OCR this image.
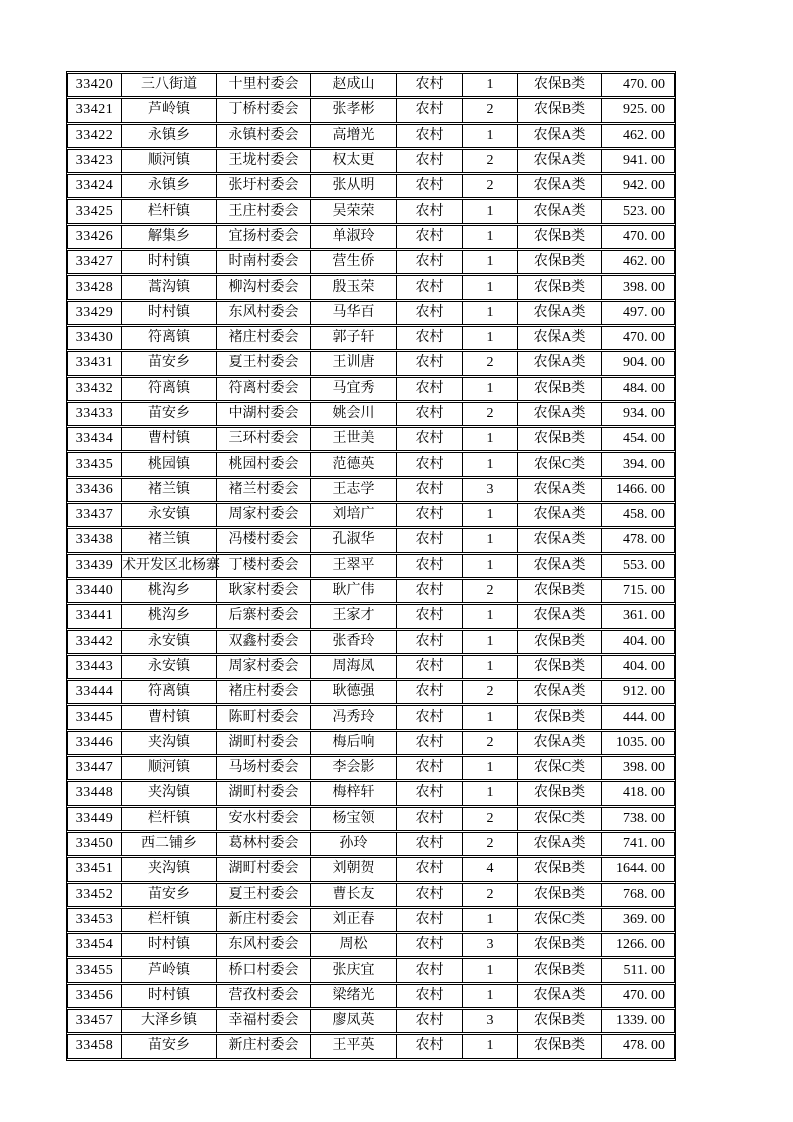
33420	三八街道	十里村委会	赵成山	农村	1	农保B类	470. 00
33421	芦岭镇	丁桥村委会	张孝彬	农村	2	农保B类	925. 00
33422	永镇乡	永镇村委会	高增光	农村	1	农保A类	462. 00
33423	顺河镇	王垅村委会	权太更	农村	2	农保A类	941. 00
33424	永镇乡	张圩村委会	张从明	农村	2	农保A类	942. 00
33425	栏杆镇	王庄村委会	吴荣荣	农村	1	农保A类	523. 00
33426	解集乡	宜扬村委会	单淑玲	农村	1	农保B类	470. 00
33427	时村镇	时南村委会	营生侨	农村	1	农保B类	462. 00
33428	蒿沟镇	柳沟村委会	殷玉荣	农村	1	农保B类	398. 00
33429	时村镇	东风村委会	马华百	农村	1	农保A类	497. 00
33430	符离镇	褚庄村委会	郭子轩	农村	1	农保A类	470. 00
33431	苗安乡	夏王村委会	王训唐	农村	2	农保A类	904. 00
33432	符离镇	符离村委会	马宜秀	农村	1	农保B类	484. 00
33433	苗安乡	中湖村委会	姚会川	农村	2	农保A类	934. 00
33434	曹村镇	三环村委会	王世美	农村	1	农保B类	454. 00
33435	桃园镇	桃园村委会	范德英	农村	1	农保C类	394. 00
33436	褚兰镇	褚兰村委会	王志学	农村	3	农保A类	1466. 00
33437	永安镇	周家村委会	刘培广	农村	1	农保A类	458. 00
33438	褚兰镇	冯楼村委会	孔淑华	农村	1	农保A类	478. 00
33439	术开发区北杨寨	丁楼村委会	王翠平	农村	1	农保A类	553. 00
33440	桃沟乡	耿家村委会	耿广伟	农村	2	农保B类	715. 00
33441	桃沟乡	后寨村委会	王家才	农村	1	农保A类	361. 00
33442	永安镇	双鑫村委会	张香玲	农村	1	农保B类	404. 00
33443	永安镇	周家村委会	周海凤	农村	1	农保B类	404. 00
33444	符离镇	褚庄村委会	耿德强	农村	2	农保A类	912. 00
33445	曹村镇	陈町村委会	冯秀玲	农村	1	农保B类	444. 00
33446	夹沟镇	湖町村委会	梅后响	农村	2	农保A类	1035. 00
33447	顺河镇	马场村委会	李会影	农村	1	农保C类	398. 00
33448	夹沟镇	湖町村委会	梅梓轩	农村	1	农保B类	418. 00
33449	栏杆镇	安水村委会	杨宝领	农村	2	农保C类	738. 00
33450	西二铺乡	葛林村委会	孙玲	农村	2	农保A类	741. 00
33451	夹沟镇	湖町村委会	刘朝贺	农村	4	农保B类	1644. 00
33452	苗安乡	夏王村委会	曹长友	农村	2	农保B类	768. 00
33453	栏杆镇	新庄村委会	刘正春	农村	1	农保C类	369. 00
33454	时村镇	东风村委会	周松	农村	3	农保B类	1266. 00
33455	芦岭镇	桥口村委会	张庆宜	农村	1	农保B类	511. 00
33456	时村镇	营孜村委会	梁绪光	农村	1	农保A类	470. 00
33457	大泽乡镇	幸福村委会	廖凤英	农村	3	农保B类	1339. 00
33458	苗安乡	新庄村委会	王平英	农村	1	农保B类	478. 00
